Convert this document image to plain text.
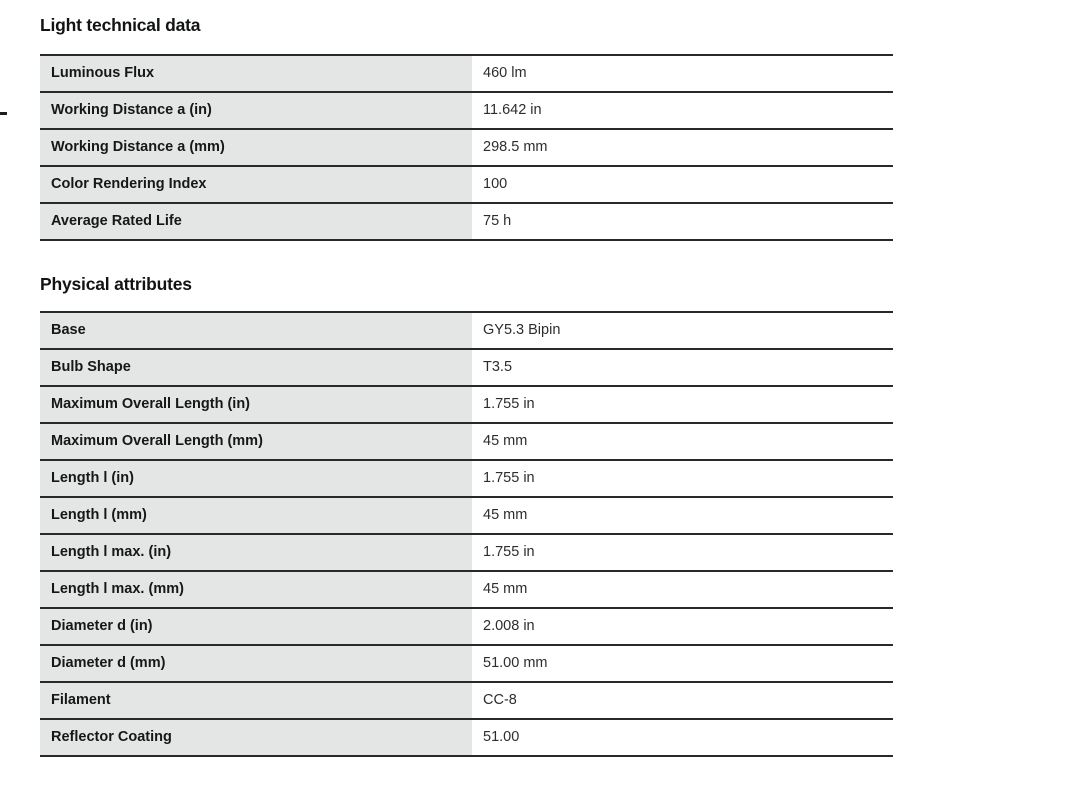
Light technical data
Luminous Flux	460 lm
Working Distance a (in)	11.642 in
Working Distance a (mm)	298.5 mm
Color Rendering Index	100
Average Rated Life	75 h
Physical attributes
Base	GY5.3 Bipin
Bulb Shape	T3.5
Maximum Overall Length (in)	1.755 in
Maximum Overall Length (mm)	45 mm
Length l (in)	1.755 in
Length l (mm)	45 mm
Length l max. (in)	1.755 in
Length l max. (mm)	45 mm
Diameter d (in)	2.008 in
Diameter d (mm)	51.00 mm
Filament	CC-8
Reflector Coating	51.00
